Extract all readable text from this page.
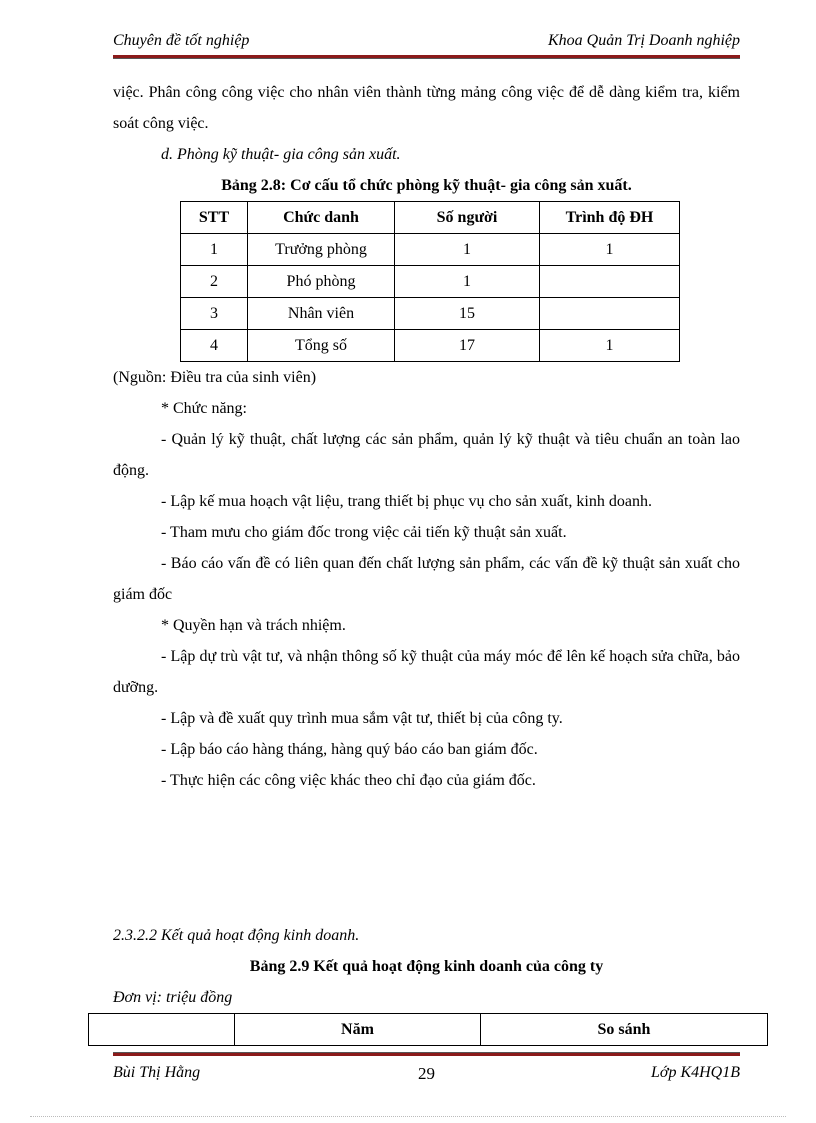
Chuyên đề tốt nghiệp	Khoa Quản Trị Doanh nghiệp

việc. Phân công công việc cho nhân viên thành từng mảng công việc để dễ dàng kiểm tra, kiểm soát công việc.

d. Phòng kỹ thuật- gia công sản xuất.

Bảng 2.8: Cơ cấu tổ chức phòng kỹ thuật- gia công sản xuất.

STT	Chức danh	Số người	Trình độ ĐH
1	Trưởng phòng	1	1
2	Phó phòng	1	
3	Nhân viên	15	
4	Tổng số	17	1

(Nguồn: Điều tra của sinh viên)

* Chức năng:

- Quản lý kỹ thuật, chất lượng các sản phẩm, quản lý kỹ thuật và tiêu chuẩn an toàn lao động.

- Lập kế mua hoạch vật liệu, trang thiết bị phục vụ cho sản xuất, kinh doanh.

- Tham mưu cho giám đốc trong việc cải tiến kỹ thuật sản xuất.

- Báo cáo vấn đề có liên quan đến chất lượng sản phẩm, các vấn đề kỹ thuật sản xuất cho giám đốc

* Quyền hạn và trách nhiệm.

- Lập dự trù vật tư, và nhận thông số kỹ thuật của máy móc để lên kế hoạch sửa chữa, bảo dưỡng.

- Lập và đề xuất quy trình mua sắm vật tư, thiết bị của công ty.

- Lập báo cáo hàng tháng, hàng quý báo cáo ban giám đốc.

- Thực hiện các công việc khác theo chỉ đạo của giám đốc.

2.3.2.2 Kết quả hoạt động kinh doanh.

Bảng 2.9 Kết quả hoạt động kinh doanh của công ty

Đơn vị: triệu đồng

	Năm	So sánh
Bùi Thị Hằng	29	Lớp K4HQ1B
